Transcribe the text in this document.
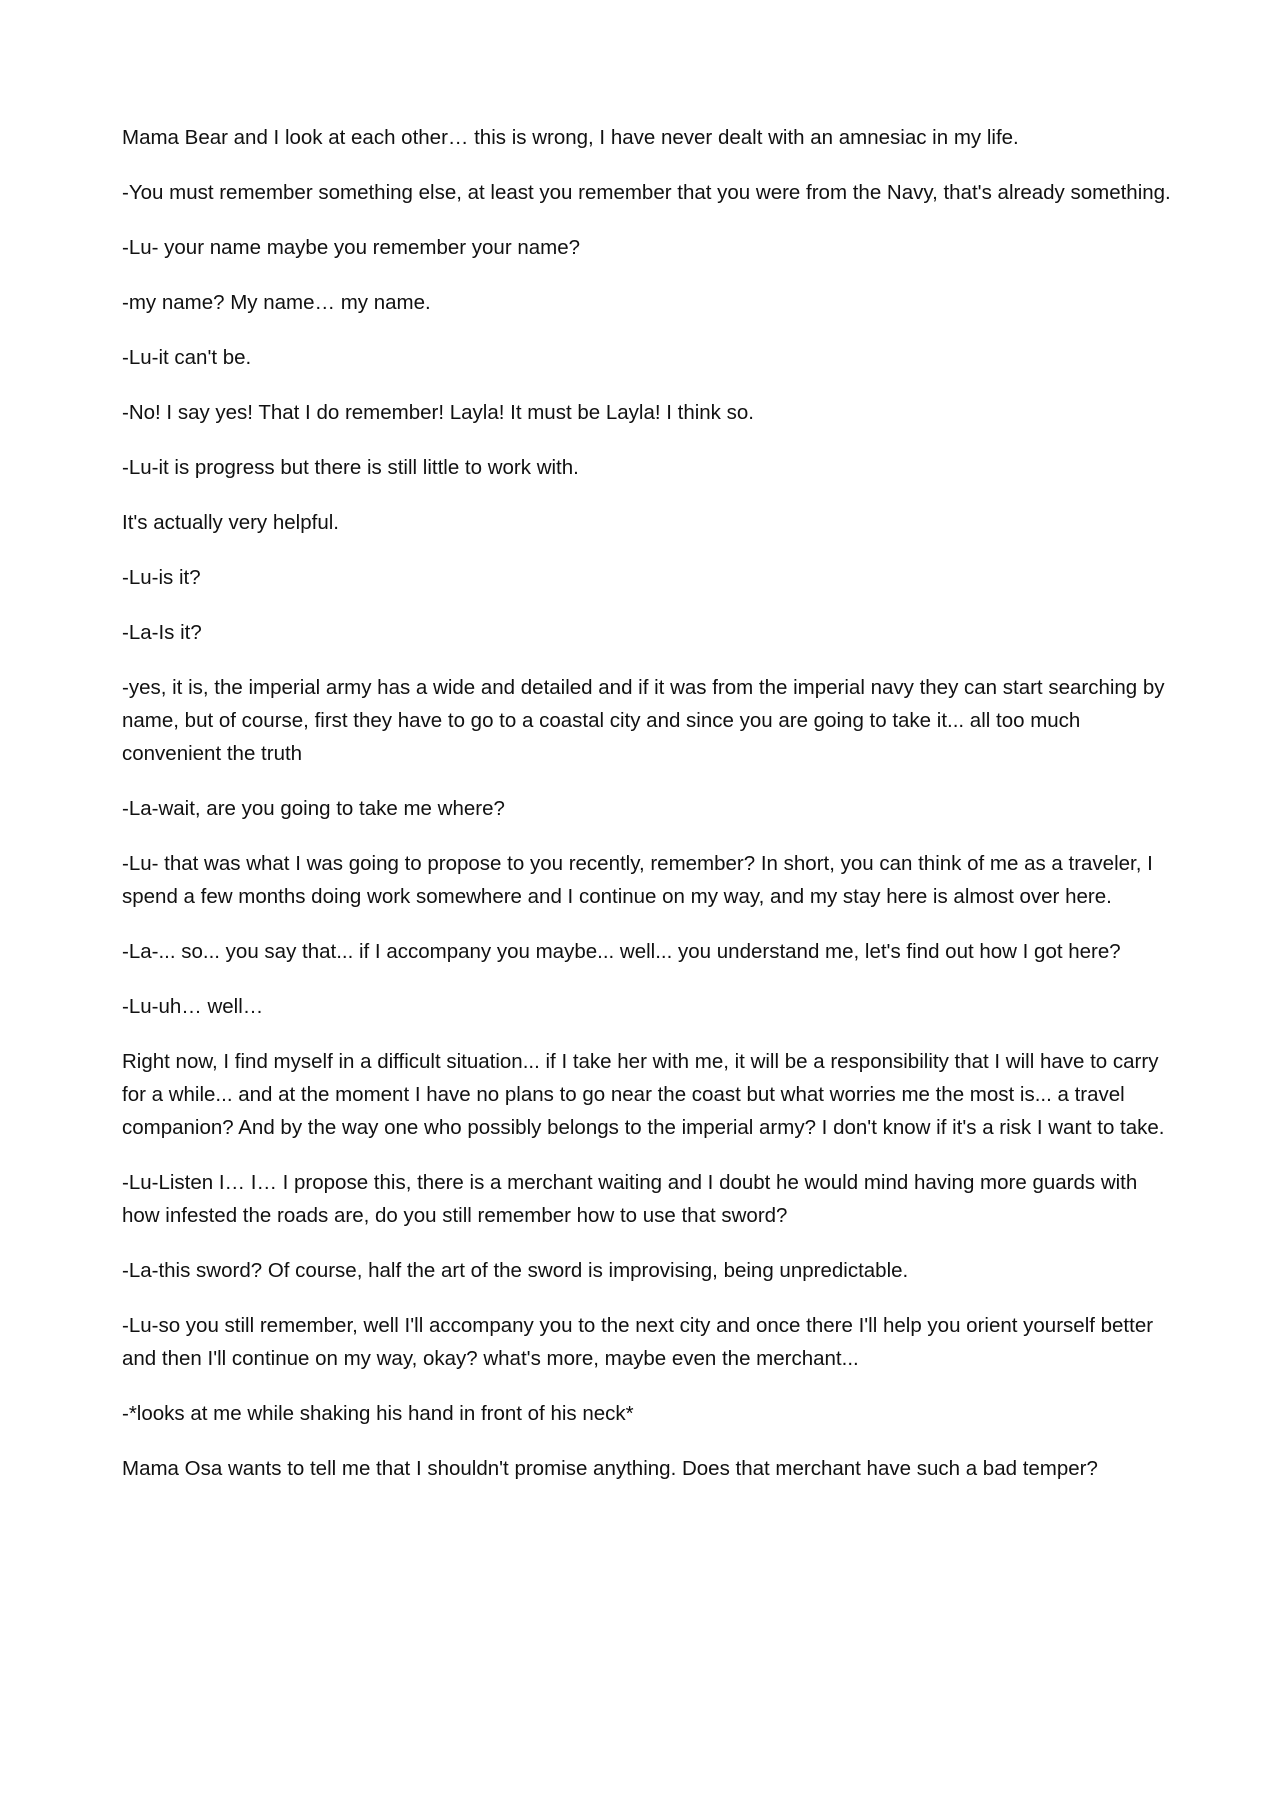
Mama Bear and I look at each other… this is wrong, I have never dealt with an amnesiac in my life.

-You must remember something else, at least you remember that you were from the Navy, that's already something.

-Lu- your name maybe you remember your name?

-my name? My name… my name.

-Lu-it can't be.

-No! I say yes! That I do remember! Layla! It must be Layla! I think so.

-Lu-it is progress but there is still little to work with.

It's actually very helpful.

-Lu-is it?

-La-Is it?

-yes, it is, the imperial army has a wide and detailed and if it was from the imperial navy they can start searching by name, but of course, first they have to go to a coastal city and since you are going to take it... all too much convenient the truth

-La-wait, are you going to take me where?

-Lu- that was what I was going to propose to you recently, remember? In short, you can think of me as a traveler, I spend a few months doing work somewhere and I continue on my way, and my stay here is almost over here.

-La-... so... you say that... if I accompany you maybe... well... you understand me, let's find out how I got here?

-Lu-uh… well…

Right now, I find myself in a difficult situation... if I take her with me, it will be a responsibility that I will have to carry for a while... and at the moment I have no plans to go near the coast but what worries me the most is... a travel companion? And by the way one who possibly belongs to the imperial army? I don't know if it's a risk I want to take.

-Lu-Listen I… I… I propose this, there is a merchant waiting and I doubt he would mind having more guards with how infested the roads are, do you still remember how to use that sword?

-La-this sword? Of course, half the art of the sword is improvising, being unpredictable.

-Lu-so you still remember, well I'll accompany you to the next city and once there I'll help you orient yourself better and then I'll continue on my way, okay? what's more, maybe even the merchant...

-*looks at me while shaking his hand in front of his neck*

Mama Osa wants to tell me that I shouldn't promise anything. Does that merchant have such a bad temper?
